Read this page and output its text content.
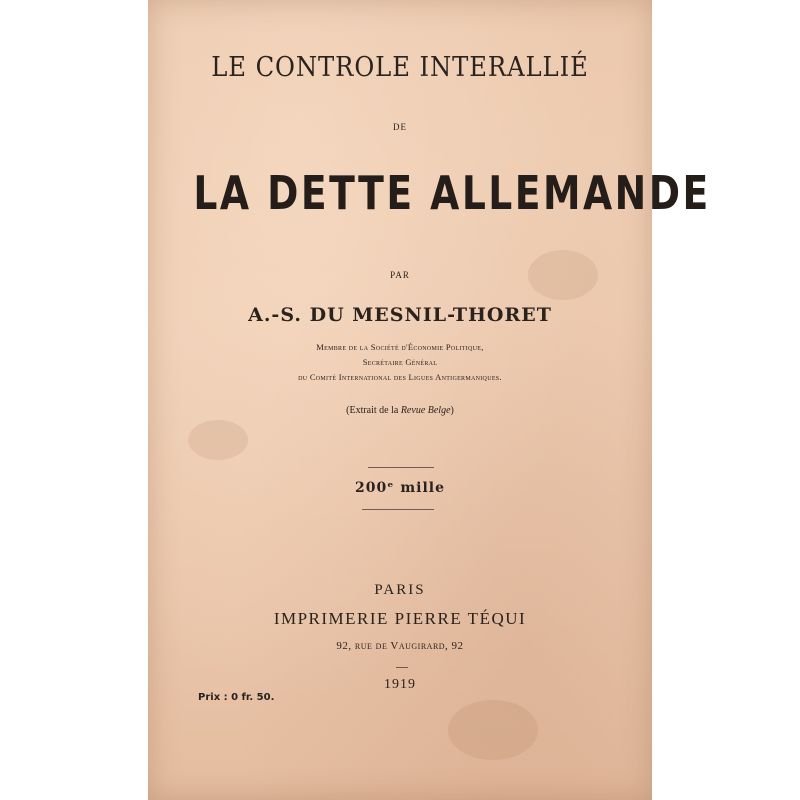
LE CONTROLE INTERALLIÉ
DE
LA DETTE ALLEMANDE
PAR
A.-S. DU MESNIL-THORET
Membre de la Société d'Économie Politique,
Secrétaire Général
du Comité International des Ligues Antigermaniques.
(Extrait de la Revue Belge)
200ᵉ mille
PARIS
IMPRIMERIE PIERRE TÉQUI
92, rue de Vaugirard, 92
1919
Prix : 0 fr. 50.
